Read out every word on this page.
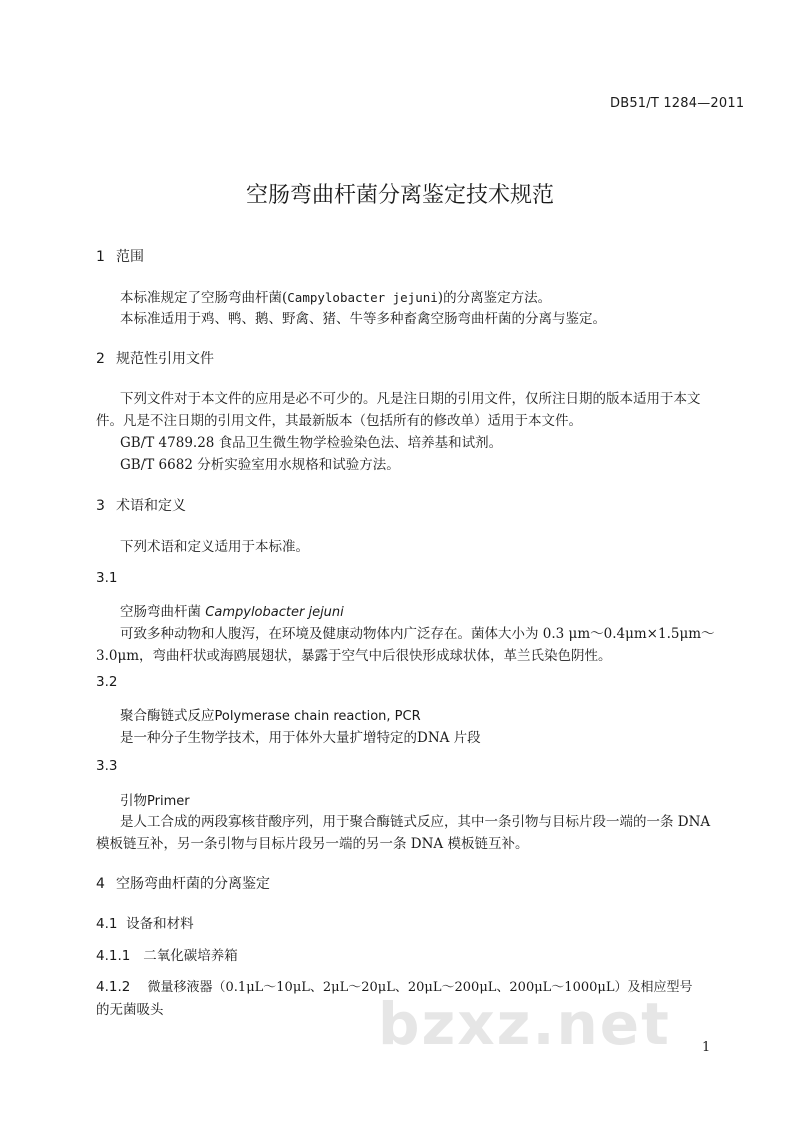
DB51/T 1284—2011
空肠弯曲杆菌分离鉴定技术规范
1 范围
本标准规定了空肠弯曲杆菌(Campylobacter jejuni)的分离鉴定方法。
本标准适用于鸡、鸭、鹅、野禽、猪、牛等多种畜禽空肠弯曲杆菌的分离与鉴定。
2 规范性引用文件
下列文件对于本文件的应用是必不可少的。凡是注日期的引用文件，仅所注日期的版本适用于本文
件。凡是不注日期的引用文件，其最新版本（包括所有的修改单）适用于本文件。
GB/T 4789.28 食品卫生微生物学检验染色法、培养基和试剂。
GB/T 6682 分析实验室用水规格和试验方法。
3 术语和定义
下列术语和定义适用于本标准。
3.1
空肠弯曲杆菌 Campylobacter jejuni
可致多种动物和人腹泻，在环境及健康动物体内广泛存在。菌体大小为 0.3 μm～0.4μm×1.5μm～
3.0μm，弯曲杆状或海鸥展翅状，暴露于空气中后很快形成球状体，革兰氏染色阴性。
3.2
聚合酶链式反应Polymerase chain reaction, PCR
是一种分子生物学技术，用于体外大量扩增特定的DNA 片段
3.3
引物Primer
是人工合成的两段寡核苷酸序列，用于聚合酶链式反应，其中一条引物与目标片段一端的一条 DNA
模板链互补，另一条引物与目标片段另一端的另一条 DNA 模板链互补。
4 空肠弯曲杆菌的分离鉴定
4.1 设备和材料
4.1.1 二氧化碳培养箱
4.1.2 微量移液器（0.1μL～10μL、2μL～20μL、20μL～200μL、200μL～1000μL）及相应型号
的无菌吸头	bzxz.net 1
